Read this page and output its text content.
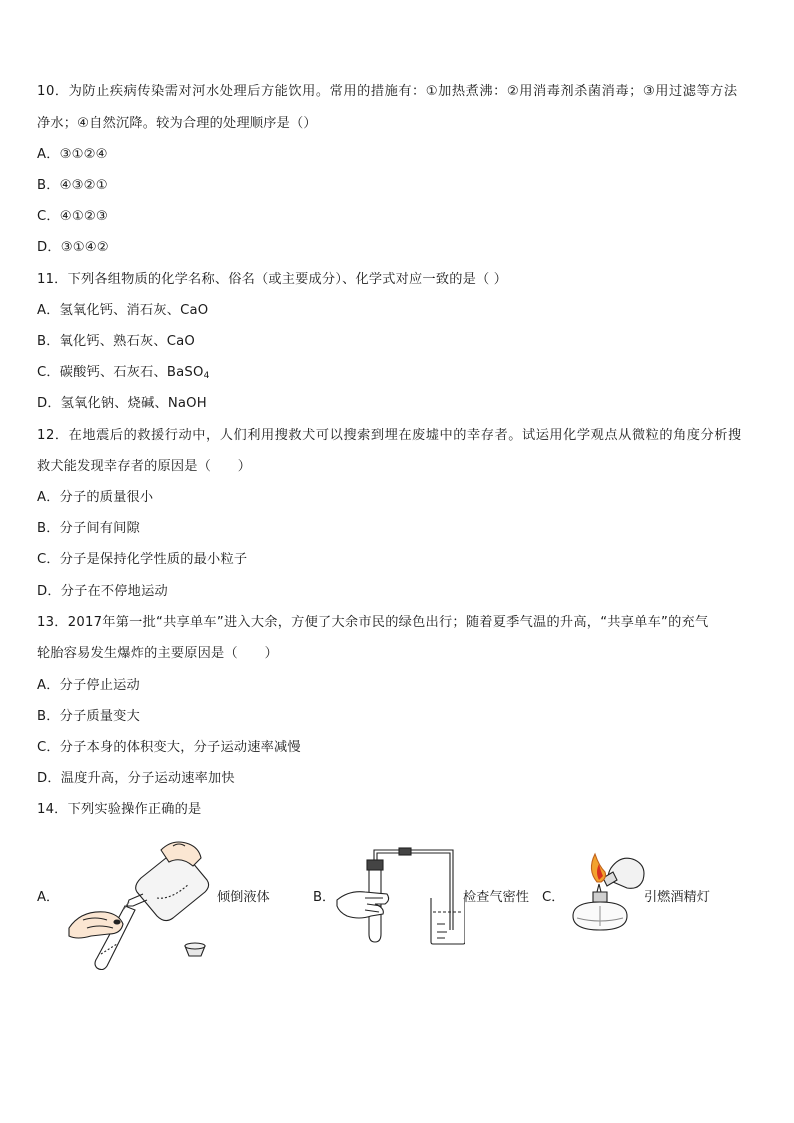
10．为防止疾病传染需对河水处理后方能饮用。常用的措施有：①加热煮沸：②用消毒剂杀菌消毒；③用过滤等方法
净水；④自然沉降。较为合理的处理顺序是（）
A．③①②④
B．④③②①
C．④①②③
D．③①④②
11．下列各组物质的化学名称、俗名（或主要成分）、化学式对应一致的是（ ）
A．氢氧化钙、消石灰、CaO
B．氧化钙、熟石灰、CaO
C．碳酸钙、石灰石、BaSO$_4$
D．氢氧化钠、烧碱、NaOH
12．在地震后的救援行动中，人们利用搜救犬可以搜索到埋在废墟中的幸存者。试运用化学观点从微粒的角度分析搜
救犬能发现幸存者的原因是（　　）
A．分子的质量很小
B．分子间有间隙
C．分子是保持化学性质的最小粒子
D．分子在不停地运动
13．2017年第一批“共享单车”进入大余，方便了大余市民的绿色出行；随着夏季气温的升高，“共享单车”的充气
轮胎容易发生爆炸的主要原因是（　　）
A．分子停止运动
B．分子质量变大
C．分子本身的体积变大，分子运动速率减慢
D．温度升高，分子运动速率加快
14．下列实验操作正确的是
A．	倾倒液体	B．	检查气密性 C．	引燃酒精灯
